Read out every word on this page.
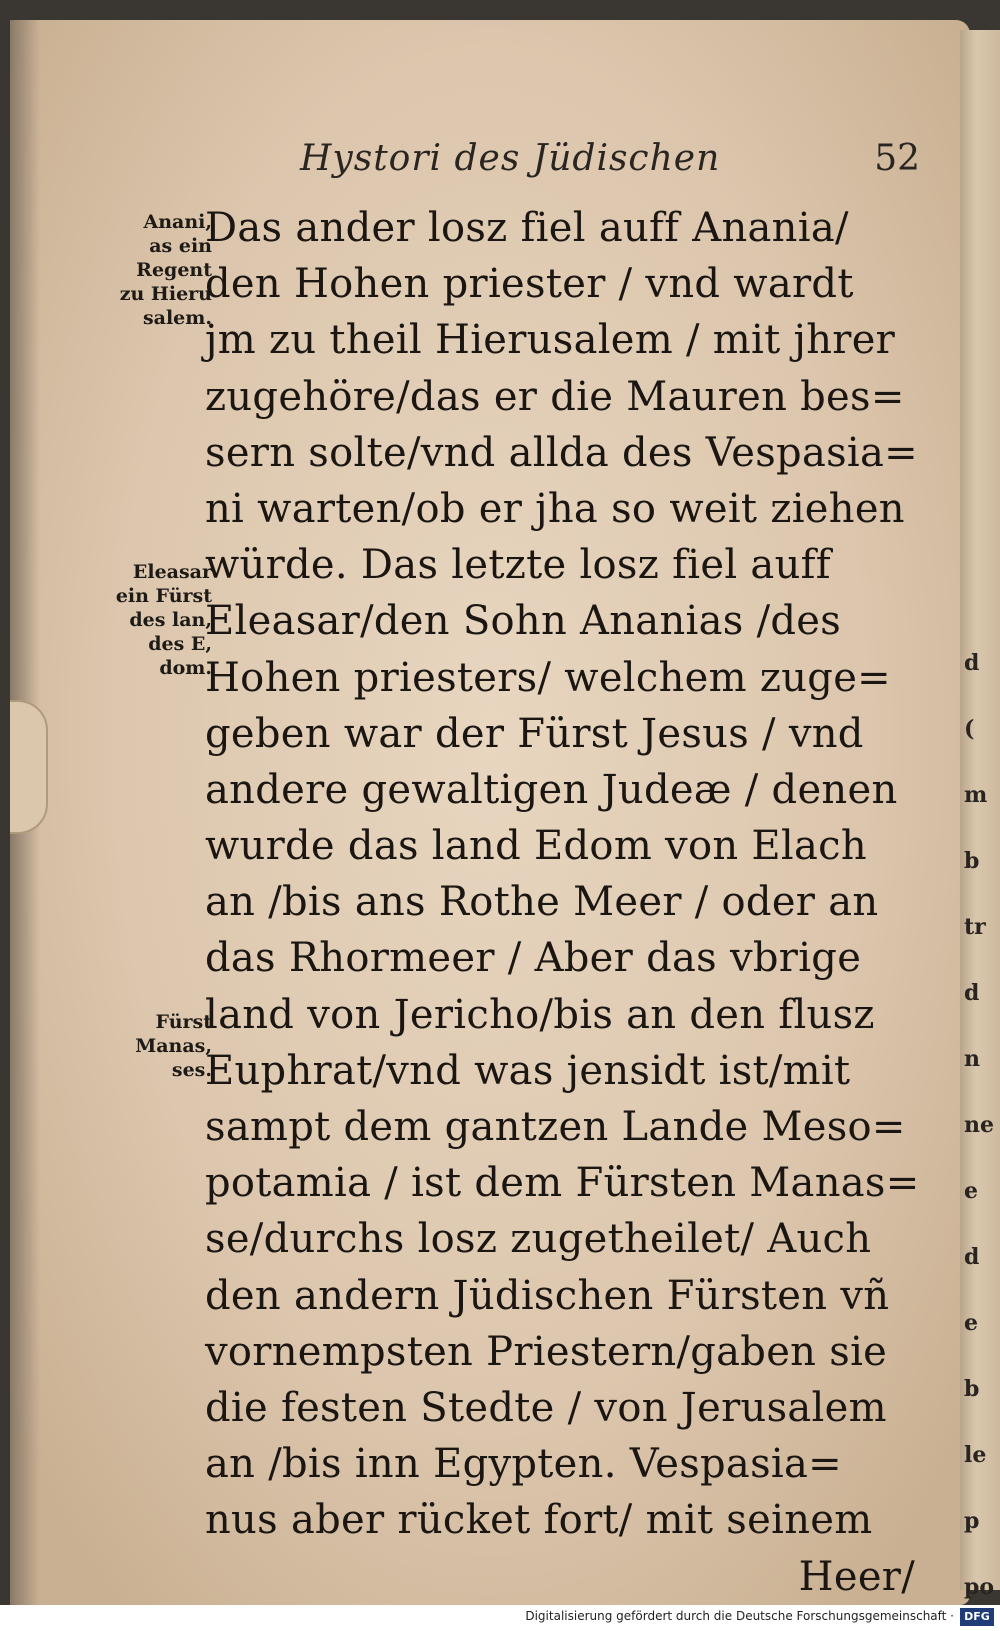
Hystori des Jüdischen	52
Anani,
as ein
Regent
zu Hieru
salem.
Eleasar
ein Fürst
des lan,
des E,
dom.
Fürst
Manas,
ses.
Das ander losz fiel auff Anania/
den Hohen priester / vnd wardt
jm zu theil Hierusalem / mit jhrer
zugehöre/das er die Mauren bes=
sern solte/vnd allda des Vespasia=
ni warten/ob er jha so weit ziehen
würde. Das letzte losz fiel auff
Eleasar/den Sohn Ananias /des
Hohen priesters/ welchem zuge=
geben war der Fürst Jesus / vnd
andere gewaltigen Judeæ / denen
wurde das land Edom von Elach
an /bis ans Rothe Meer / oder an
das Rhormeer / Aber das vbrige
land von Jericho/bis an den flusz
Euphrat/vnd was jensidt ist/mit
sampt dem gantzen Lande Meso=
potamia / ist dem Fürsten Manas=
se/durchs losz zugetheilet/ Auch
den andern Jüdischen Fürsten vñ
vornempsten Priestern/gaben sie
die festen Stedte / von Jerusalem
an /bis inn Egypten. Vespasia=
nus aber rücket fort/ mit seinem
Heer/
d
(
m
b
tr
d
n
ne
e
d
e
b
le
p
po
Digitalisierung gefördert durch die Deutsche Forschungsgemeinschaft · DFG
